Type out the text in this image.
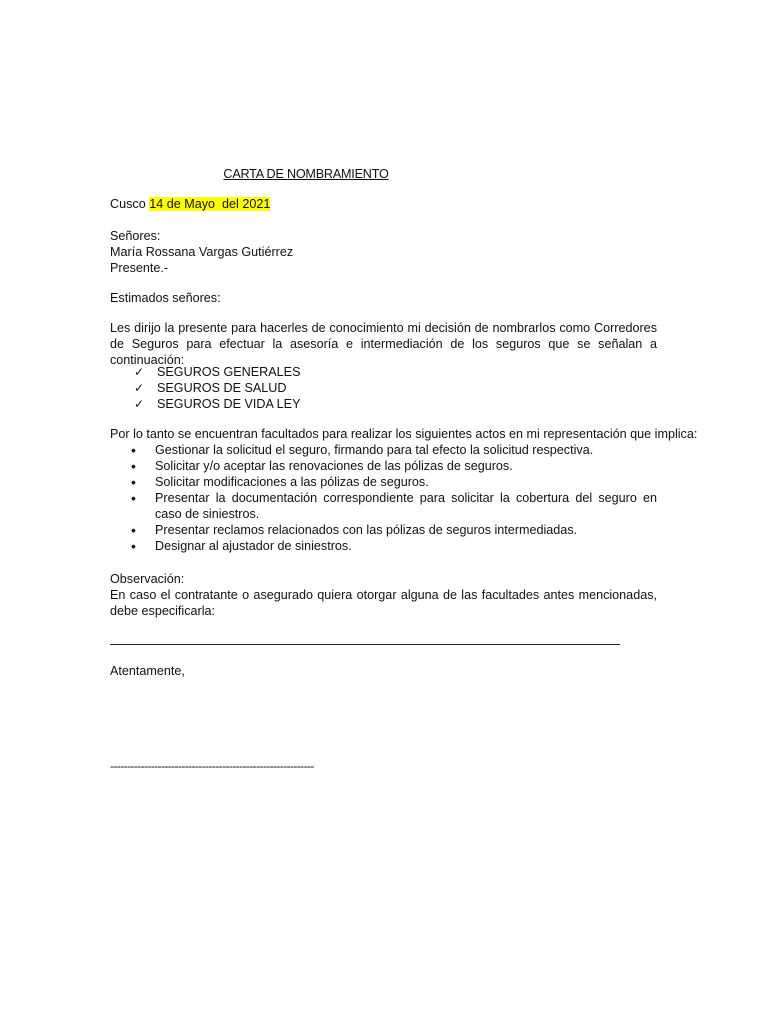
CARTA DE NOMBRAMIENTO
Cusco 14 de Mayo  del 2021
Señores:
María Rossana Vargas Gutiérrez
Presente.-
Estimados señores:
Les dirijo la presente para hacerles de conocimiento mi decisión de nombrarlos como Corredores de Seguros para efectuar la asesoría e intermediación de los seguros que se señalan a continuación:
✓ SEGUROS GENERALES
✓ SEGUROS DE SALUD
✓ SEGUROS DE VIDA LEY
Por lo tanto se encuentran facultados para realizar los siguientes actos en mi representación que implica:
• Gestionar la solicitud el seguro, firmando para tal efecto la solicitud respectiva.
• Solicitar y/o aceptar las renovaciones de las pólizas de seguros.
• Solicitar modificaciones a las pólizas de seguros.
• Presentar la documentación correspondiente para solicitar la cobertura del seguro en caso de siniestros.
• Presentar reclamos relacionados con las pólizas de seguros intermediadas.
• Designar al ajustador de siniestros.
Observación:
En caso el contratante o asegurado quiera otorgar alguna de las facultades antes mencionadas, debe especificarla:
Atentamente,
------------------------------------------------------------
